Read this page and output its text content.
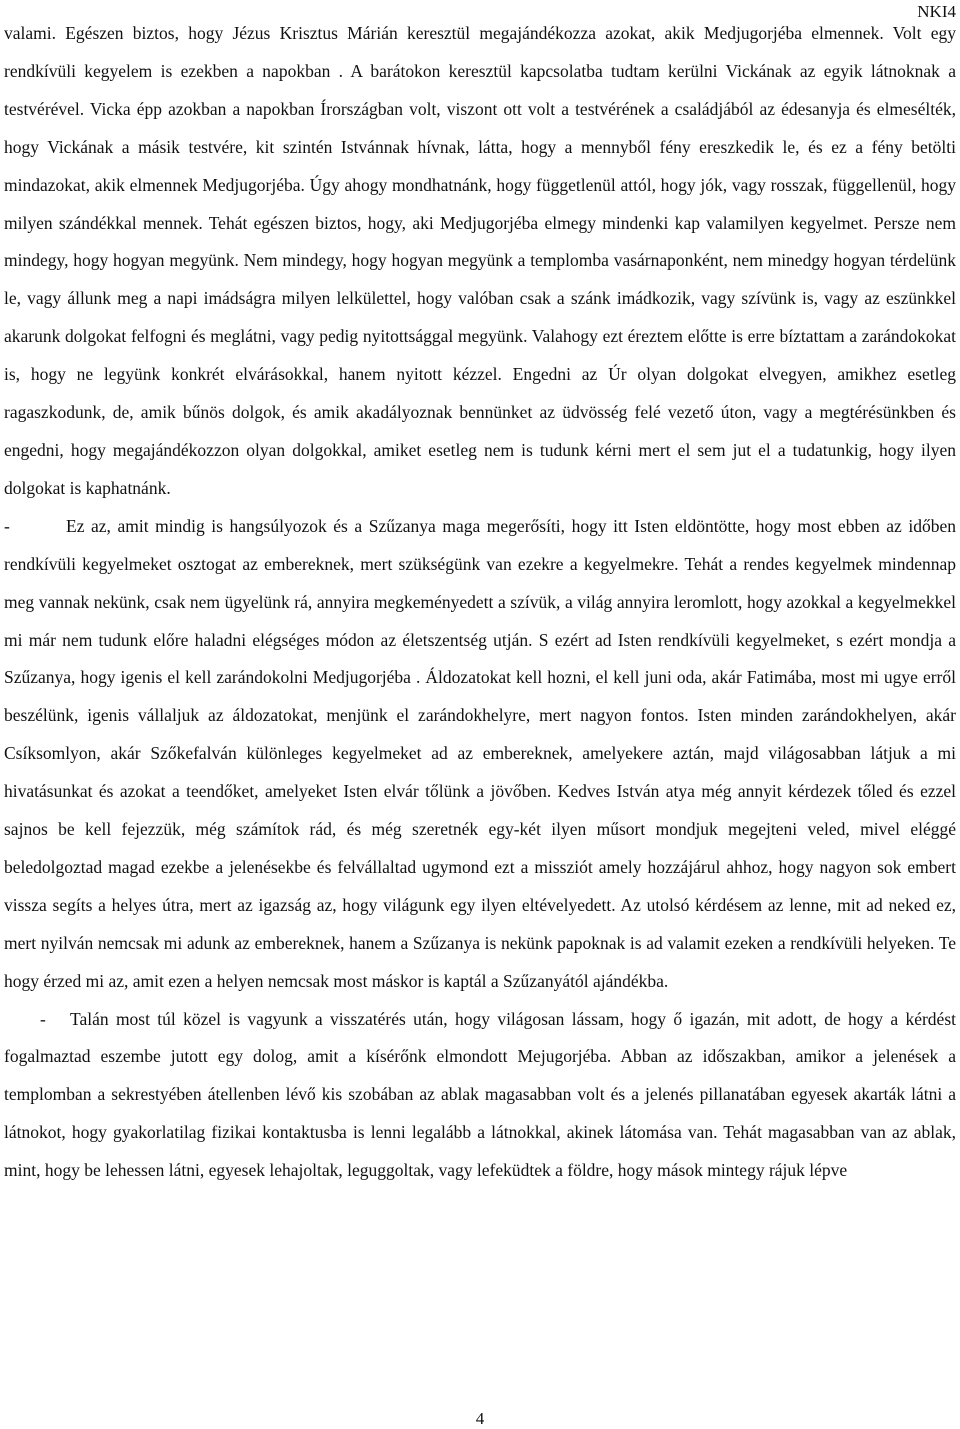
NKI4

valami. Egészen biztos, hogy Jézus Krisztus Márián keresztül megajándékozza azokat, akik Medjugorjéba elmennek. Volt egy rendkívüli kegyelem is ezekben a napokban . A barátokon keresztül kapcsolatba tudtam kerülni Vickának az egyik látnoknak a testvérével. Vicka épp azokban a napokban Írországban volt, viszont ott volt a testvérének a családjából az édesanyja és elmesélték, hogy Vickának a másik testvére, kit szintén Istvánnak hívnak, látta, hogy a mennyből fény ereszkedik le, és ez a fény betölti mindazokat, akik elmennek Medjugorjéba. Úgy ahogy mondhatnánk, hogy függetlenül attól, hogy jók, vagy rosszak, függellenül, hogy milyen szándékkal mennek. Tehát egészen biztos, hogy, aki Medjugorjéba elmegy mindenki kap valamilyen kegyelmet. Persze nem mindegy, hogy hogyan megyünk. Nem mindegy, hogy hogyan megyünk a templomba vasárnaponként, nem minedgy hogyan térdelünk le, vagy állunk meg a napi imádságra milyen lelkülettel, hogy valóban csak a szánk imádkozik, vagy szívünk is, vagy az eszünkkel akarunk dolgokat felfogni és meglátni, vagy pedig nyitottsággal megyünk. Valahogy ezt éreztem előtte is erre bíztattam a zarándokokat is, hogy ne legyünk konkrét elvárásokkal, hanem nyitott kézzel. Engedni az Úr olyan dolgokat elvegyen, amikhez esetleg ragaszkodunk, de, amik bűnös dolgok, és amik akadályoznak bennünket az üdvösség felé vezető úton, vagy a megtérésünkben és engedni, hogy megajándékozzon olyan dolgokkal, amiket esetleg nem is tudunk kérni mert el sem jut el a tudatunkig, hogy ilyen dolgokat is kaphatnánk.

-	Ez az, amit mindig is hangsúlyozok és a Szűzanya maga megerősíti, hogy itt Isten eldöntötte, hogy most ebben az időben rendkívüli kegyelmeket osztogat az embereknek, mert szükségünk van ezekre a kegyelmekre. Tehát a rendes kegyelmek mindennap meg vannak nekünk, csak nem ügyelünk rá, annyira megkeményedett a szívük, a világ annyira leromlott, hogy azokkal a kegyelmekkel mi már nem tudunk előre haladni elégséges módon az életszentség utján. S ezért ad Isten rendkívüli kegyelmeket, s ezért mondja a Szűzanya, hogy igenis el kell zarándokolni Medjugorjéba . Áldozatokat kell hozni, el kell juni oda, akár Fatimába, most mi ugye erről beszélünk, igenis vállaljuk az áldozatokat, menjünk el zarándokhelyre, mert nagyon fontos. Isten minden zarándokhelyen, akár Csíksomlyon, akár Szőkefalván különleges kegyelmeket ad az embereknek, amelyekere aztán, majd világosabban látjuk a mi hivatásunkat és azokat a teendőket, amelyeket Isten elvár tőlünk a jövőben. Kedves István atya még annyit kérdezek tőled és ezzel sajnos be kell fejezzük, még számítok rád, és még szeretnék egy-két ilyen műsort mondjuk megejteni veled, mivel eléggé beledolgoztad magad ezekbe a jelenésekbe és felvállaltad ugymond ezt a missziót amely hozzájárul ahhoz, hogy nagyon sok embert vissza segíts a helyes útra, mert az igazság az, hogy világunk egy ilyen eltévelyedett. Az utolsó kérdésem az lenne, mit ad neked ez, mert nyilván nemcsak mi adunk az embereknek, hanem a Szűzanya is nekünk papoknak is ad valamit ezeken a rendkívüli helyeken. Te hogy érzed mi az, amit ezen a helyen nemcsak most máskor is kaptál a Szűzanyától ajándékba.

- Talán most túl közel is vagyunk a visszatérés után, hogy világosan lássam, hogy ő igazán, mit adott, de hogy a kérdést fogalmaztad eszembe jutott egy dolog, amit a kísérőnk elmondott Mejugorjéba. Abban az időszakban, amikor a jelenések a templomban a sekrestyében átellenben lévő kis szobában az ablak magasabban volt és a jelenés pillanatában egyesek akarták látni a látnokot, hogy gyakorlatilag fizikai kontaktusba is lenni legalább a látnokkal, akinek látomása van. Tehát magasabban van az ablak, mint, hogy be lehessen látni, egyesek lehajoltak, leguggoltak, vagy lefeküdtek a földre, hogy mások mintegy rájuk lépve

4
